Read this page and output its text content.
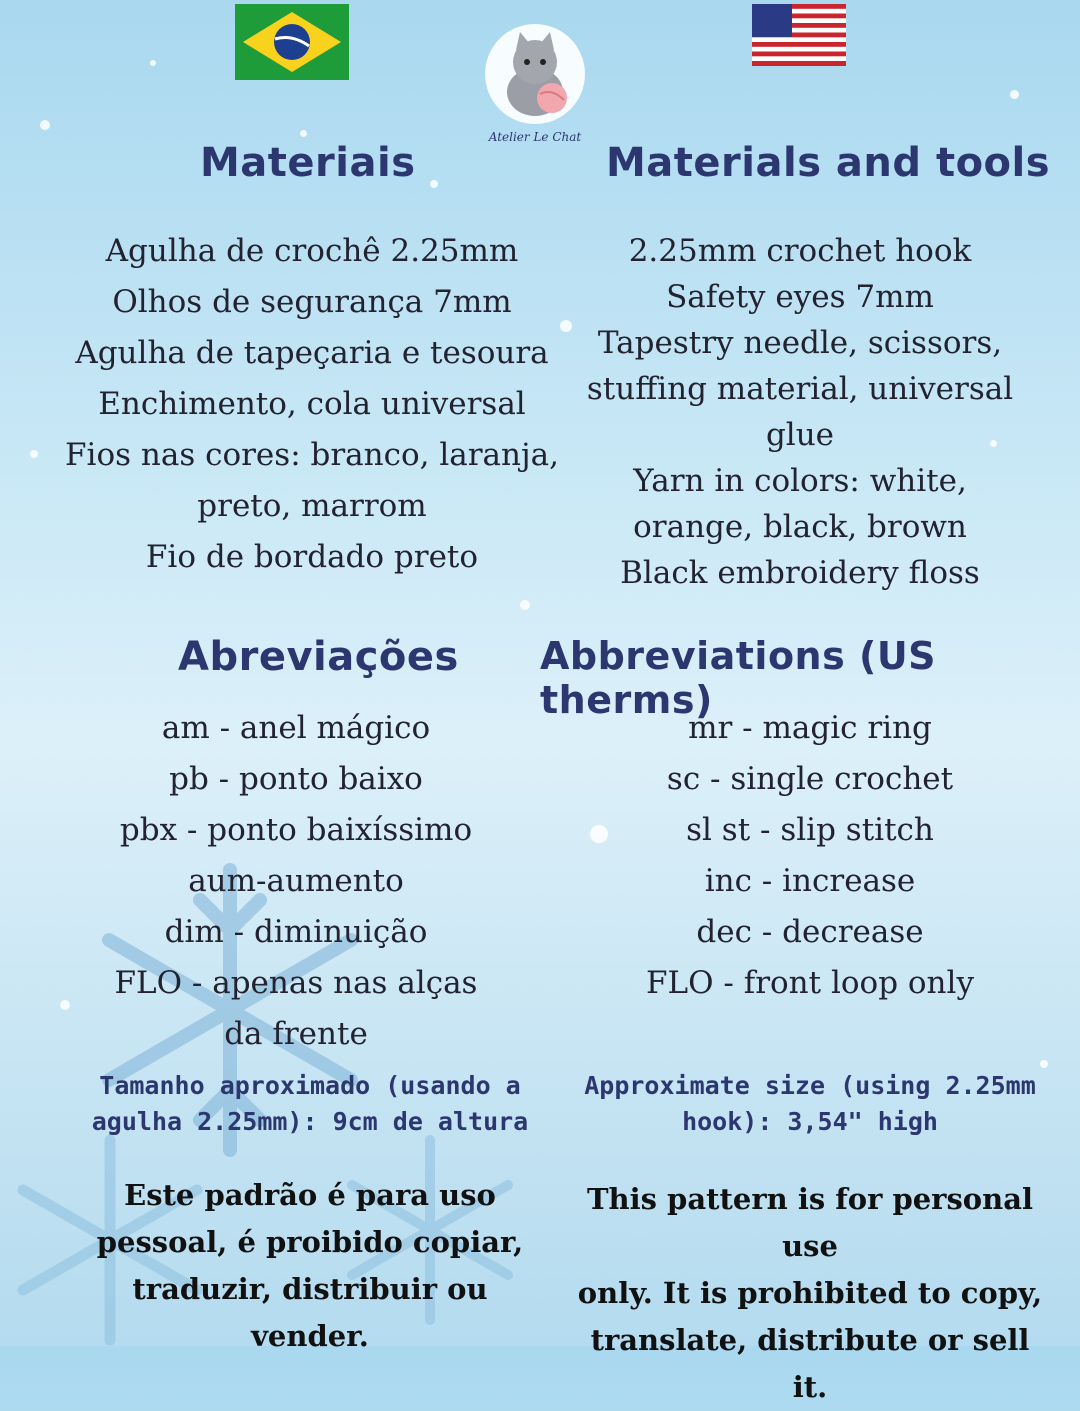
Atelier Le Chat
Materiais
Agulha de crochê 2.25mm
Olhos de segurança 7mm
Agulha de tapeçaria e tesoura
Enchimento, cola universal
Fios nas cores: branco, laranja,
preto, marrom
Fio de bordado preto
Abreviações
am - anel mágico
pb - ponto baixo
pbx - ponto baixíssimo
aum-aumento
dim - diminuição
FLO - apenas nas alças
da frente
Tamanho aproximado (usando a
agulha 2.25mm): 9cm de altura
Este padrão é para uso
pessoal, é proibido copiar,
traduzir, distribuir ou vender.
Materials and tools
2.25mm crochet hook
Safety eyes 7mm
Tapestry needle, scissors,
stuffing material, universal
glue
Yarn in colors: white,
orange, black, brown
Black embroidery floss
Abbreviations (US therms)
mr - magic ring
sc - single crochet
sl st - slip stitch
inc - increase
dec - decrease
FLO - front loop only
Approximate size (using 2.25mm
hook): 3,54" high
This pattern is for personal use
only. It is prohibited to copy,
translate, distribute or sell it.
